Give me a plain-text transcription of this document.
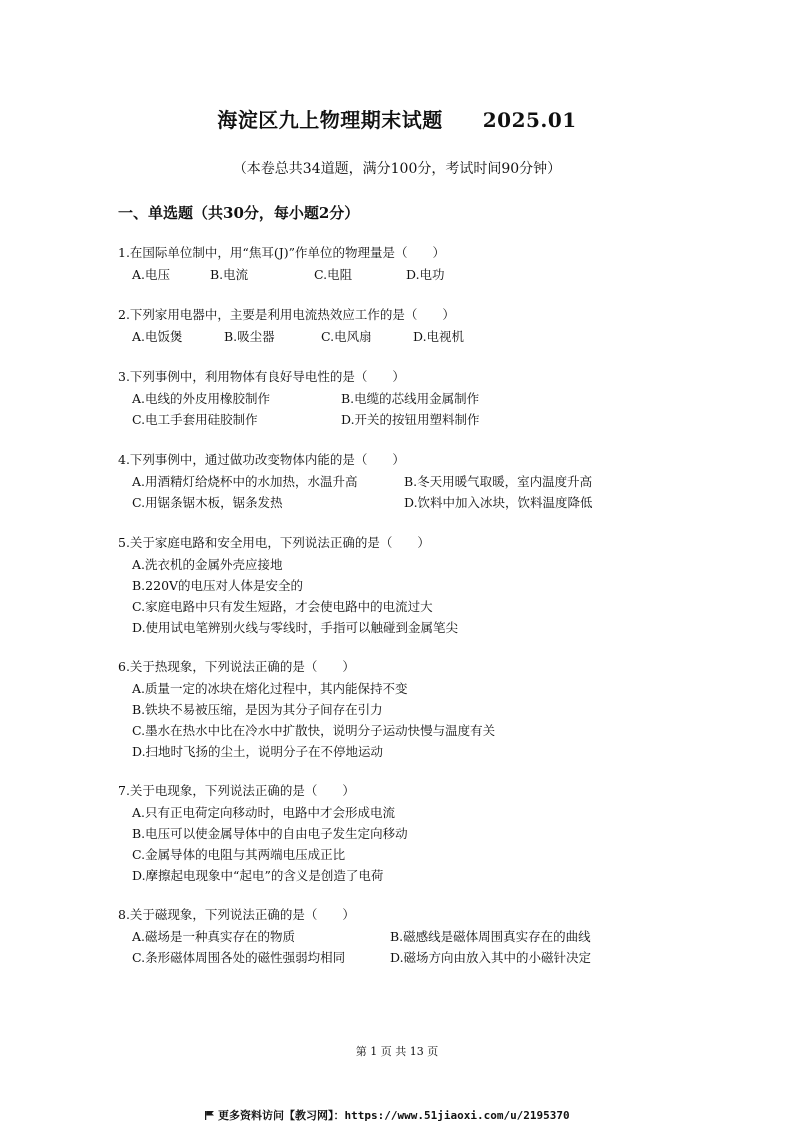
海淀区九上物理期末试题 2025.01
（本卷总共34道题，满分100分，考试时间90分钟）
一、单选题（共30分，每小题2分）
1.在国际单位制中，用“焦耳(J)”作单位的物理量是（　　）
A.电压	B.电流	C.电阻	D.电功
2.下列家用电器中，主要是利用电流热效应工作的是（　　）
A.电饭煲	B.吸尘器	C.电风扇	D.电视机
3.下列事例中，利用物体有良好导电性的是（　　）
A.电线的外皮用橡胶制作	B.电缆的芯线用金属制作
C.电工手套用硅胶制作	D.开关的按钮用塑料制作
4.下列事例中，通过做功改变物体内能的是（　　）
A.用酒精灯给烧杯中的水加热，水温升高	B.冬天用暖气取暖，室内温度升高
C.用锯条锯木板，锯条发热	D.饮料中加入冰块，饮料温度降低
5.关于家庭电路和安全用电，下列说法正确的是（　　）
A.洗衣机的金属外壳应接地
B.220V的电压对人体是安全的
C.家庭电路中只有发生短路，才会使电路中的电流过大
D.使用试电笔辨别火线与零线时，手指可以触碰到金属笔尖
6.关于热现象，下列说法正确的是（　　）
A.质量一定的冰块在熔化过程中，其内能保持不变
B.铁块不易被压缩，是因为其分子间存在引力
C.墨水在热水中比在冷水中扩散快，说明分子运动快慢与温度有关
D.扫地时飞扬的尘土，说明分子在不停地运动
7.关于电现象，下列说法正确的是（　　）
A.只有正电荷定向移动时，电路中才会形成电流
B.电压可以使金属导体中的自由电子发生定向移动
C.金属导体的电阻与其两端电压成正比
D.摩擦起电现象中“起电”的含义是创造了电荷
8.关于磁现象，下列说法正确的是（　　）
A.磁场是一种真实存在的物质	B.磁感线是磁体周围真实存在的曲线
C.条形磁体周围各处的磁性强弱均相同	D.磁场方向由放入其中的小磁针决定
第 1 页 共 13 页
更多资料访问【教习网】：https://www.51jiaoxi.com/u/2195370
